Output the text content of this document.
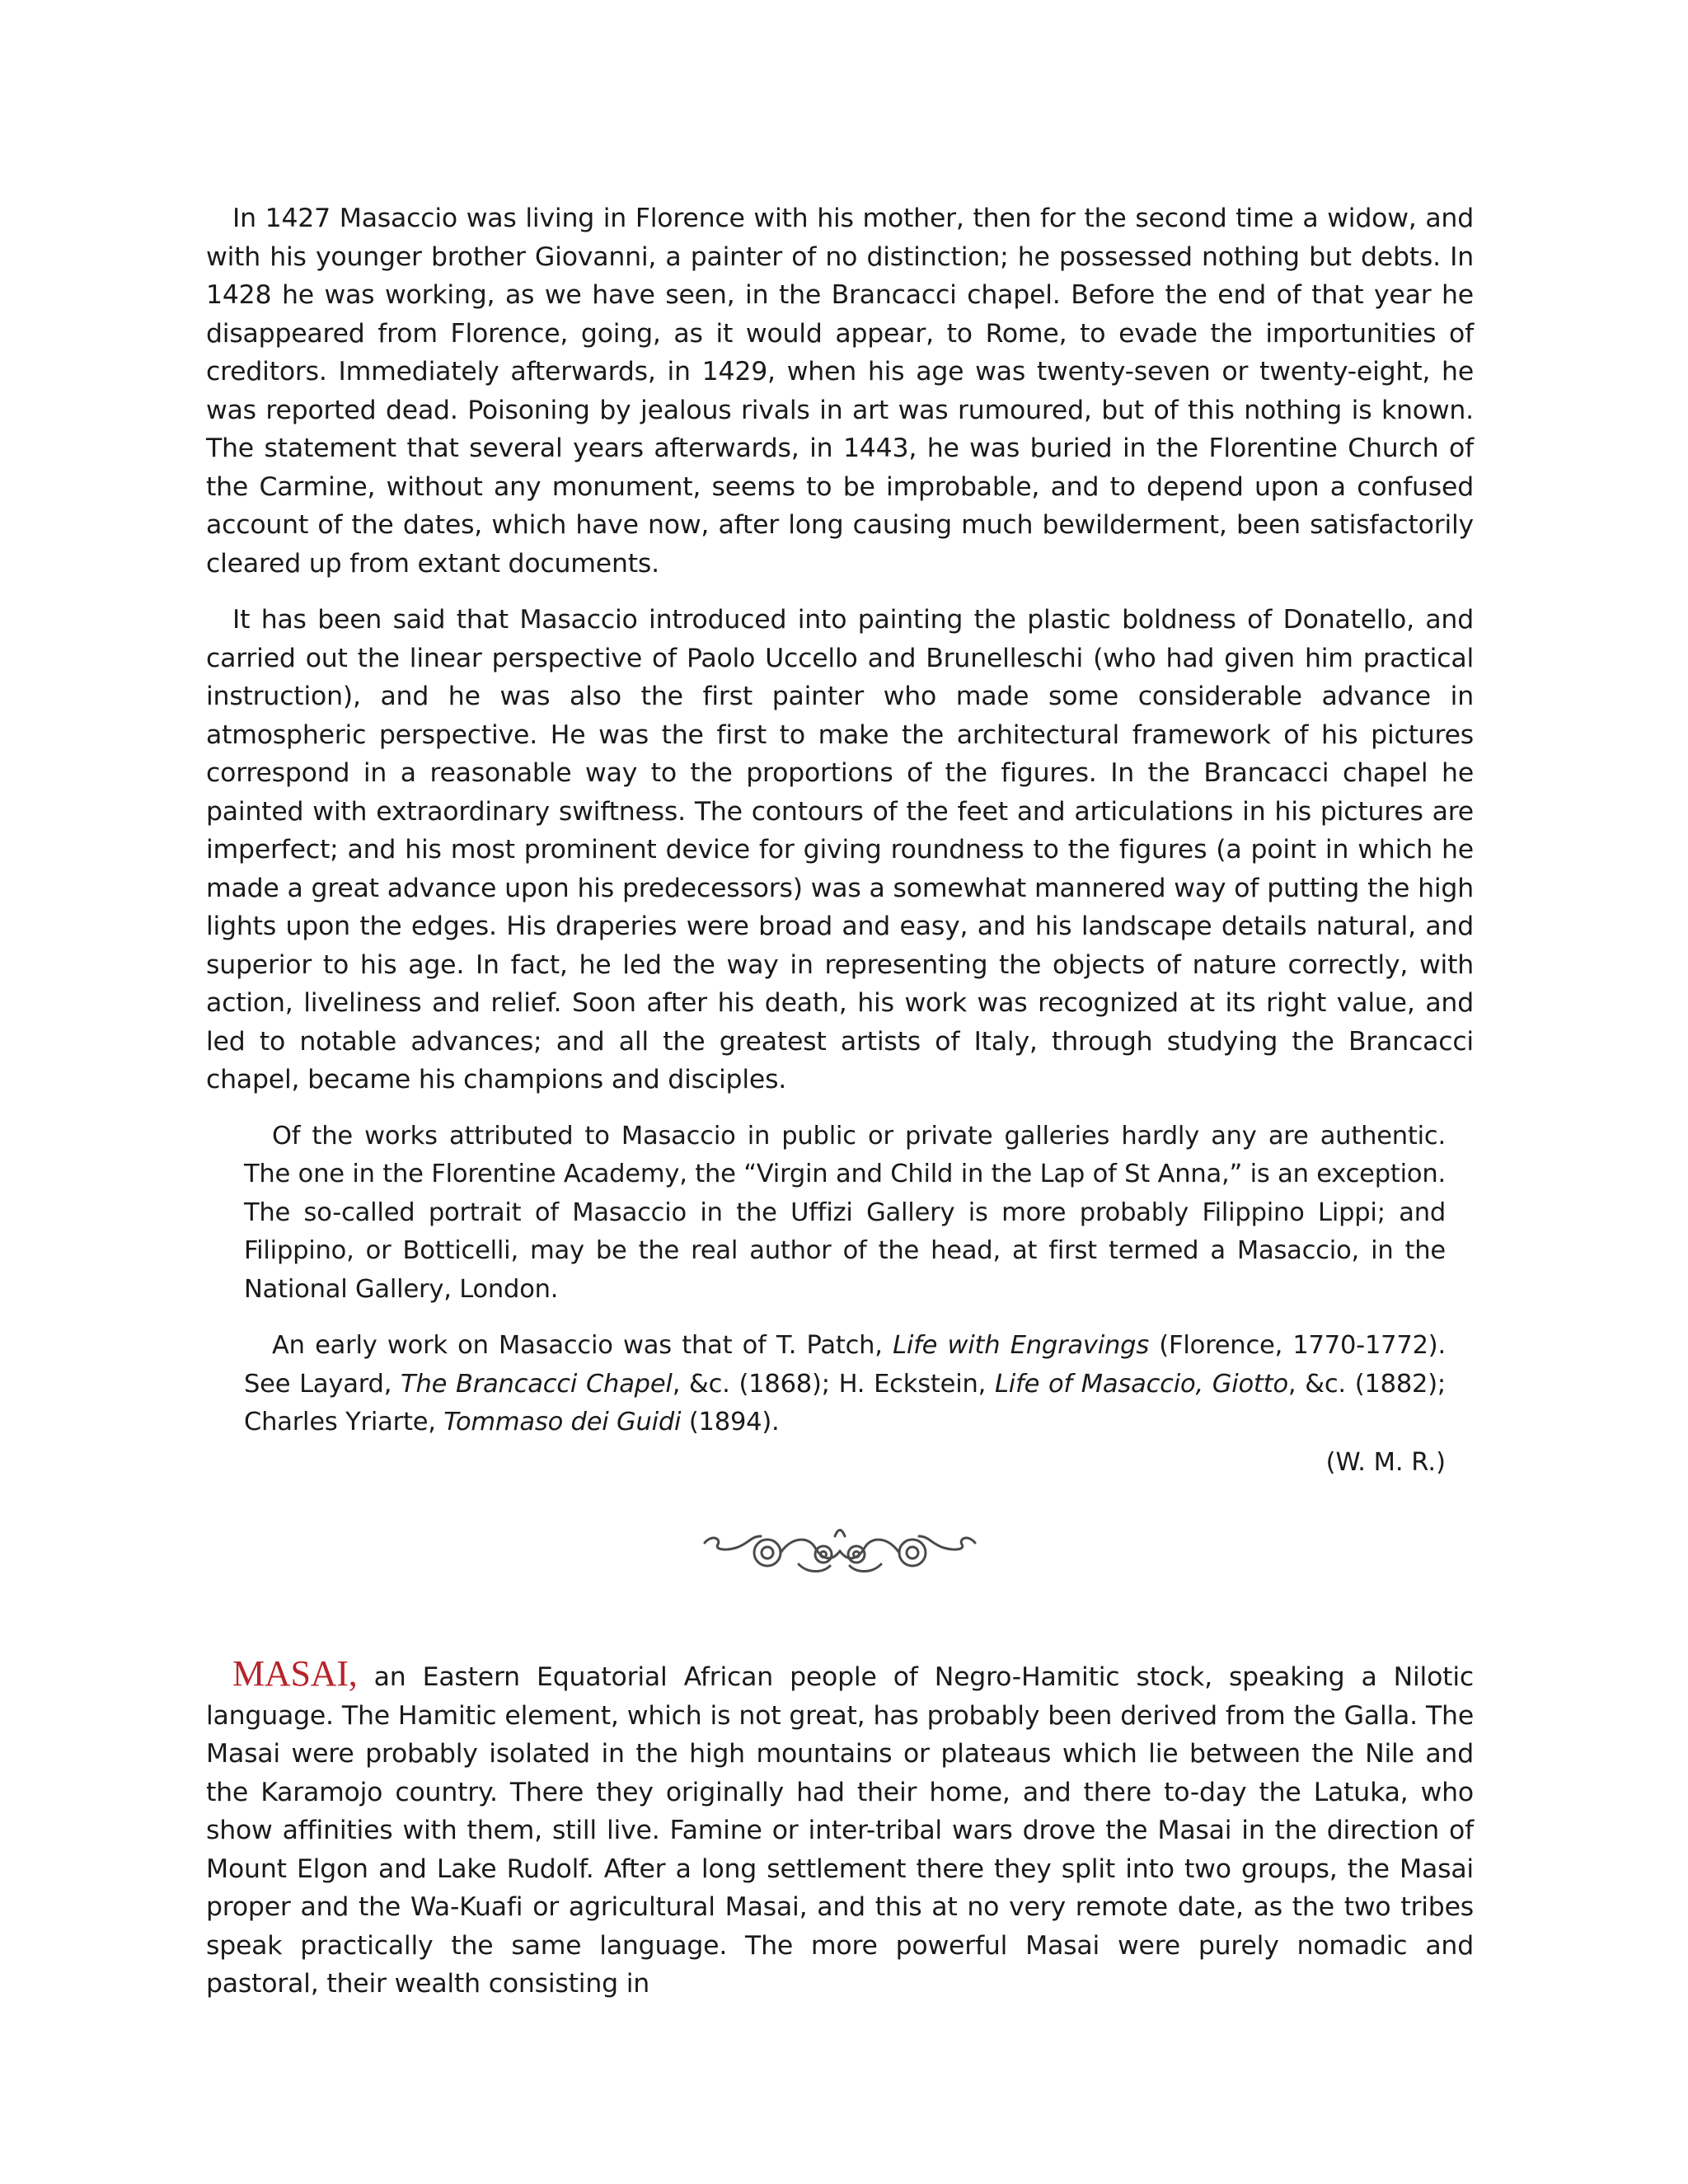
In 1427 Masaccio was living in Florence with his mother, then for the second time a widow, and with his younger brother Giovanni, a painter of no distinction; he possessed nothing but debts. In 1428 he was working, as we have seen, in the Brancacci chapel. Before the end of that year he disappeared from Florence, going, as it would appear, to Rome, to evade the importunities of creditors. Immediately afterwards, in 1429, when his age was twenty-seven or twenty-eight, he was reported dead. Poisoning by jealous rivals in art was rumoured, but of this nothing is known. The statement that several years afterwards, in 1443, he was buried in the Florentine Church of the Carmine, without any monument, seems to be improbable, and to depend upon a confused account of the dates, which have now, after long causing much bewilderment, been satisfactorily cleared up from extant documents.

It has been said that Masaccio introduced into painting the plastic boldness of Donatello, and carried out the linear perspective of Paolo Uccello and Brunelleschi (who had given him practical instruction), and he was also the first painter who made some considerable advance in atmospheric perspective. He was the first to make the architectural framework of his pictures correspond in a reasonable way to the proportions of the figures. In the Brancacci chapel he painted with extraordinary swiftness. The contours of the feet and articulations in his pictures are imperfect; and his most prominent device for giving roundness to the figures (a point in which he made a great advance upon his predecessors) was a somewhat mannered way of putting the high lights upon the edges. His draperies were broad and easy, and his landscape details natural, and superior to his age. In fact, he led the way in representing the objects of nature correctly, with action, liveliness and relief. Soon after his death, his work was recognized at its right value, and led to notable advances; and all the greatest artists of Italy, through studying the Brancacci chapel, became his champions and disciples.

Of the works attributed to Masaccio in public or private galleries hardly any are authentic. The one in the Florentine Academy, the “Virgin and Child in the Lap of St Anna,” is an exception. The so-called portrait of Masaccio in the Uffizi Gallery is more probably Filippino Lippi; and Filippino, or Botticelli, may be the real author of the head, at first termed a Masaccio, in the National Gallery, London.

An early work on Masaccio was that of T. Patch, Life with Engravings (Florence, 1770-1772). See Layard, The Brancacci Chapel, &c. (1868); H. Eckstein, Life of Masaccio, Giotto, &c. (1882); Charles Yriarte, Tommaso dei Guidi (1894).

(W. M. R.)

MASAI, an Eastern Equatorial African people of Negro-Hamitic stock, speaking a Nilotic language. The Hamitic element, which is not great, has probably been derived from the Galla. The Masai were probably isolated in the high mountains or plateaus which lie between the Nile and the Karamojo country. There they originally had their home, and there to-day the Latuka, who show affinities with them, still live. Famine or inter-tribal wars drove the Masai in the direction of Mount Elgon and Lake Rudolf. After a long settlement there they split into two groups, the Masai proper and the Wa-Kuafi or agricultural Masai, and this at no very remote date, as the two tribes speak practically the same language. The more powerful Masai were purely nomadic and pastoral, their wealth consisting in
